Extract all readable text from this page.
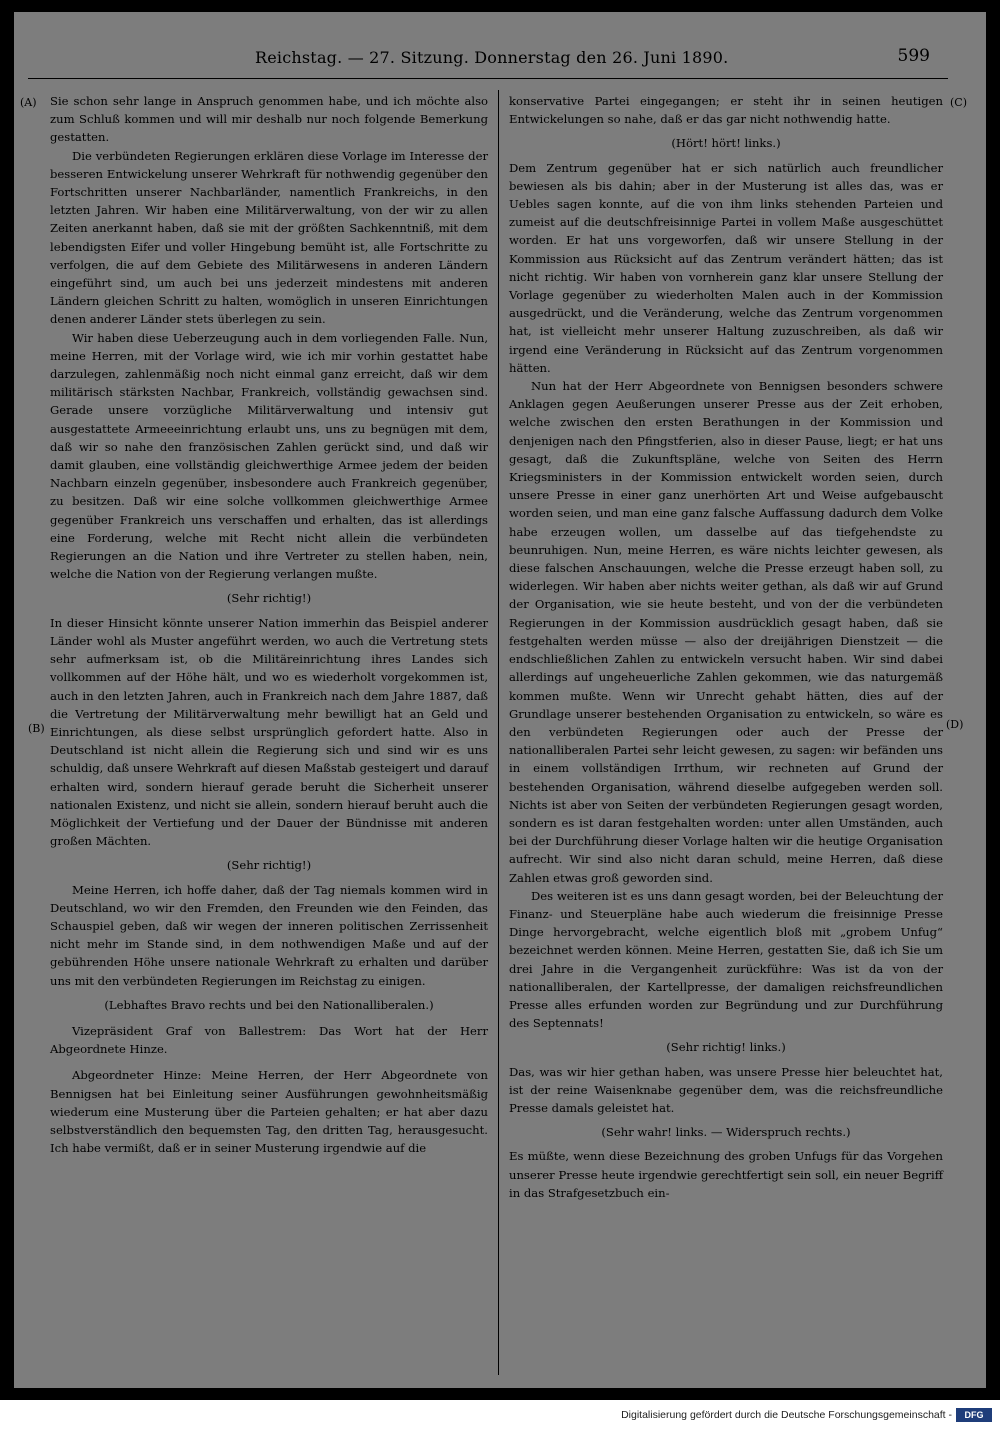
Reichstag. — 27. Sitzung. Donnerstag den 26. Juni 1890.	599
(A)
(B)
(C)
(D)

Sie schon sehr lange in Anspruch genommen habe, und ich möchte also zum Schluß kommen und will mir deshalb nur noch folgende Bemerkung gestatten.

Die verbündeten Regierungen erklären diese Vorlage im Interesse der besseren Entwickelung unserer Wehrkraft für nothwendig gegenüber den Fortschritten unserer Nachbarländer, namentlich Frankreichs, in den letzten Jahren. Wir haben eine Militärverwaltung, von der wir zu allen Zeiten anerkannt haben, daß sie mit der größten Sachkenntniß, mit dem lebendigsten Eifer und voller Hingebung bemüht ist, alle Fortschritte zu verfolgen, die auf dem Gebiete des Militärwesens in anderen Ländern eingeführt sind, um auch bei uns jederzeit mindestens mit anderen Ländern gleichen Schritt zu halten, womöglich in unseren Einrichtungen denen anderer Länder stets überlegen zu sein.

Wir haben diese Ueberzeugung auch in dem vorliegenden Falle. Nun, meine Herren, mit der Vorlage wird, wie ich mir vorhin gestattet habe darzulegen, zahlenmäßig noch nicht einmal ganz erreicht, daß wir dem militärisch stärksten Nachbar, Frankreich, vollständig gewachsen sind. Gerade unsere vorzügliche Militärverwaltung und intensiv gut ausgestattete Armeeeinrichtung erlaubt uns, uns zu begnügen mit dem, daß wir so nahe den französischen Zahlen gerückt sind, und daß wir damit glauben, eine vollständig gleichwerthige Armee jedem der beiden Nachbarn einzeln gegenüber, insbesondere auch Frankreich gegenüber, zu besitzen. Daß wir eine solche vollkommen gleichwerthige Armee gegenüber Frankreich uns verschaffen und erhalten, das ist allerdings eine Forderung, welche mit Recht nicht allein die verbündeten Regierungen an die Nation und ihre Vertreter zu stellen haben, nein, welche die Nation von der Regierung verlangen mußte.

(Sehr richtig!)

In dieser Hinsicht könnte unserer Nation immerhin das Beispiel anderer Länder wohl als Muster angeführt werden, wo auch die Vertretung stets sehr aufmerksam ist, ob die Militäreinrichtung ihres Landes sich vollkommen auf der Höhe hält, und wo es wiederholt vorgekommen ist, auch in den letzten Jahren, auch in Frankreich nach dem Jahre 1887, daß die Vertretung der Militärverwaltung mehr bewilligt hat an Geld und Einrichtungen, als diese selbst ursprünglich gefordert hatte. Also in Deutschland ist nicht allein die Regierung sich und sind wir es uns schuldig, daß unsere Wehrkraft auf diesen Maßstab gesteigert und darauf erhalten wird, sondern hierauf gerade beruht die Sicherheit unserer nationalen Existenz, und nicht sie allein, sondern hierauf beruht auch die Möglichkeit der Vertiefung und der Dauer der Bündnisse mit anderen großen Mächten.

(Sehr richtig!)

Meine Herren, ich hoffe daher, daß der Tag niemals kommen wird in Deutschland, wo wir den Fremden, den Freunden wie den Feinden, das Schauspiel geben, daß wir wegen der inneren politischen Zerrissenheit nicht mehr im Stande sind, in dem nothwendigen Maße und auf der gebührenden Höhe unsere nationale Wehrkraft zu erhalten und darüber uns mit den verbündeten Regierungen im Reichstag zu einigen.

(Lebhaftes Bravo rechts und bei den Nationalliberalen.)

Vizepräsident Graf von Ballestrem: Das Wort hat der Herr Abgeordnete Hinze.

Abgeordneter Hinze: Meine Herren, der Herr Abgeordnete von Bennigsen hat bei Einleitung seiner Ausführungen gewohnheitsmäßig wiederum eine Musterung über die Parteien gehalten; er hat aber dazu selbstverständlich den bequemsten Tag, den dritten Tag, herausgesucht. Ich habe vermißt, daß er in seiner Musterung irgendwie auf die

konservative Partei eingegangen; er steht ihr in seinen heutigen Entwickelungen so nahe, daß er das gar nicht nothwendig hatte.

(Hört! hört! links.)

Dem Zentrum gegenüber hat er sich natürlich auch freundlicher bewiesen als bis dahin; aber in der Musterung ist alles das, was er Uebles sagen konnte, auf die von ihm links stehenden Parteien und zumeist auf die deutschfreisinnige Partei in vollem Maße ausgeschüttet worden. Er hat uns vorgeworfen, daß wir unsere Stellung in der Kommission aus Rücksicht auf das Zentrum verändert hätten; das ist nicht richtig. Wir haben von vornherein ganz klar unsere Stellung der Vorlage gegenüber zu wiederholten Malen auch in der Kommission ausgedrückt, und die Veränderung, welche das Zentrum vorgenommen hat, ist vielleicht mehr unserer Haltung zuzuschreiben, als daß wir irgend eine Veränderung in Rücksicht auf das Zentrum vorgenommen hätten.

Nun hat der Herr Abgeordnete von Bennigsen besonders schwere Anklagen gegen Aeußerungen unserer Presse aus der Zeit erhoben, welche zwischen den ersten Berathungen in der Kommission und denjenigen nach den Pfingstferien, also in dieser Pause, liegt; er hat uns gesagt, daß die Zukunftspläne, welche von Seiten des Herrn Kriegsministers in der Kommission entwickelt worden seien, durch unsere Presse in einer ganz unerhörten Art und Weise aufgebauscht worden seien, und man eine ganz falsche Auffassung dadurch dem Volke habe erzeugen wollen, um dasselbe auf das tiefgehendste zu beunruhigen. Nun, meine Herren, es wäre nichts leichter gewesen, als diese falschen Anschauungen, welche die Presse erzeugt haben soll, zu widerlegen. Wir haben aber nichts weiter gethan, als daß wir auf Grund der Organisation, wie sie heute besteht, und von der die verbündeten Regierungen in der Kommission ausdrücklich gesagt haben, daß sie festgehalten werden müsse — also der dreijährigen Dienstzeit — die endschließlichen Zahlen zu entwickeln versucht haben. Wir sind dabei allerdings auf ungeheuerliche Zahlen gekommen, wie das naturgemäß kommen mußte. Wenn wir Unrecht gehabt hätten, dies auf der Grundlage unserer bestehenden Organisation zu entwickeln, so wäre es den verbündeten Regierungen oder auch der Presse der nationalliberalen Partei sehr leicht gewesen, zu sagen: wir befänden uns in einem vollständigen Irrthum, wir rechneten auf Grund der bestehenden Organisation, während dieselbe aufgegeben werden soll. Nichts ist aber von Seiten der verbündeten Regierungen gesagt worden, sondern es ist daran festgehalten worden: unter allen Umständen, auch bei der Durchführung dieser Vorlage halten wir die heutige Organisation aufrecht. Wir sind also nicht daran schuld, meine Herren, daß diese Zahlen etwas groß geworden sind.

Des weiteren ist es uns dann gesagt worden, bei der Beleuchtung der Finanz- und Steuerpläne habe auch wiederum die freisinnige Presse Dinge hervorgebracht, welche eigentlich bloß mit „grobem Unfug“ bezeichnet werden können. Meine Herren, gestatten Sie, daß ich Sie um drei Jahre in die Vergangenheit zurückführe: Was ist da von der nationalliberalen, der Kartellpresse, der damaligen reichsfreundlichen Presse alles erfunden worden zur Begründung und zur Durchführung des Septennats!

(Sehr richtig! links.)

Das, was wir hier gethan haben, was unsere Presse hier beleuchtet hat, ist der reine Waisenknabe gegenüber dem, was die reichsfreundliche Presse damals geleistet hat.

(Sehr wahr! links. — Widerspruch rechts.)

Es müßte, wenn diese Bezeichnung des groben Unfugs für das Vorgehen unserer Presse heute irgendwie gerechtfertigt sein soll, ein neuer Begriff in das Strafgesetzbuch ein-

Digitalisierung gefördert durch die Deutsche Forschungsgemeinschaft -	DFG
